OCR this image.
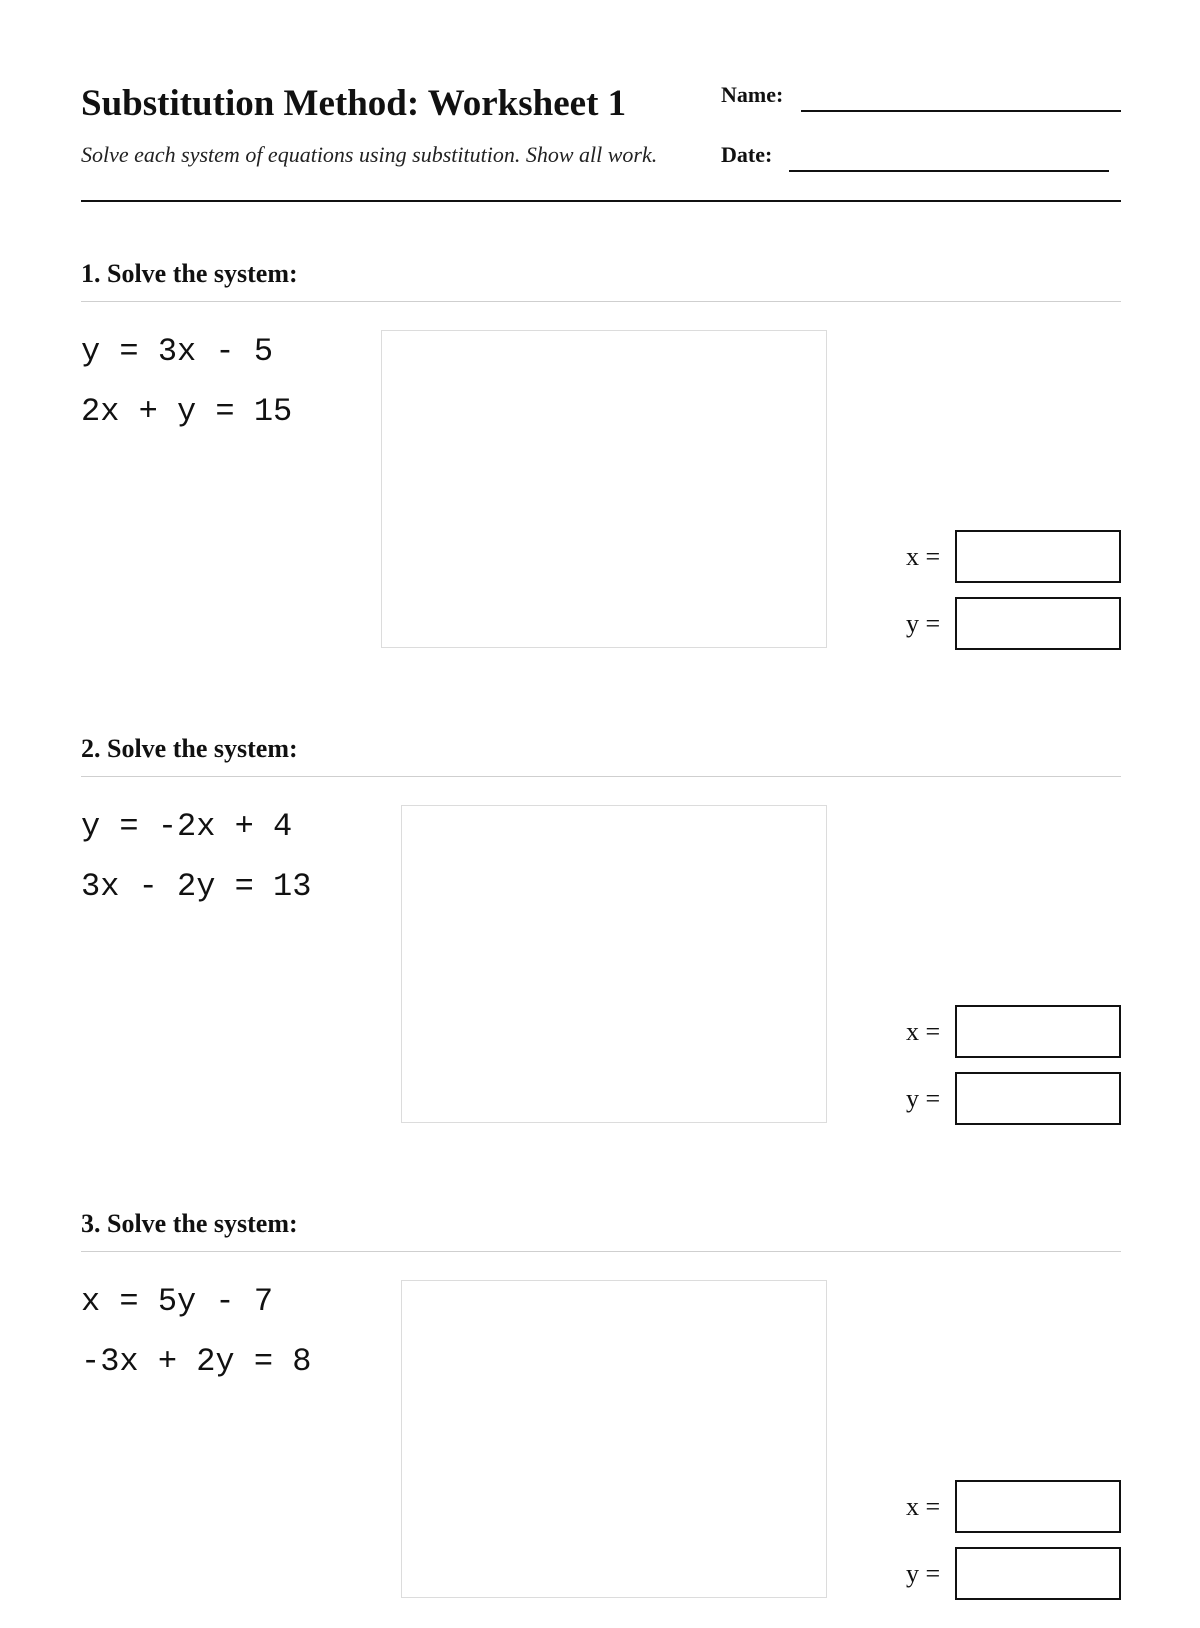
Substitution Method: Worksheet 1

Solve each system of equations using substitution. Show all work.

Name:
Date:
1. Solve the system:
y = 3x - 5
2x + y = 15
x =
y =
2. Solve the system:
y = -2x + 4
3x - 2y = 13
x =
y =
3. Solve the system:
x = 5y - 7
-3x + 2y = 8
x =
y =
